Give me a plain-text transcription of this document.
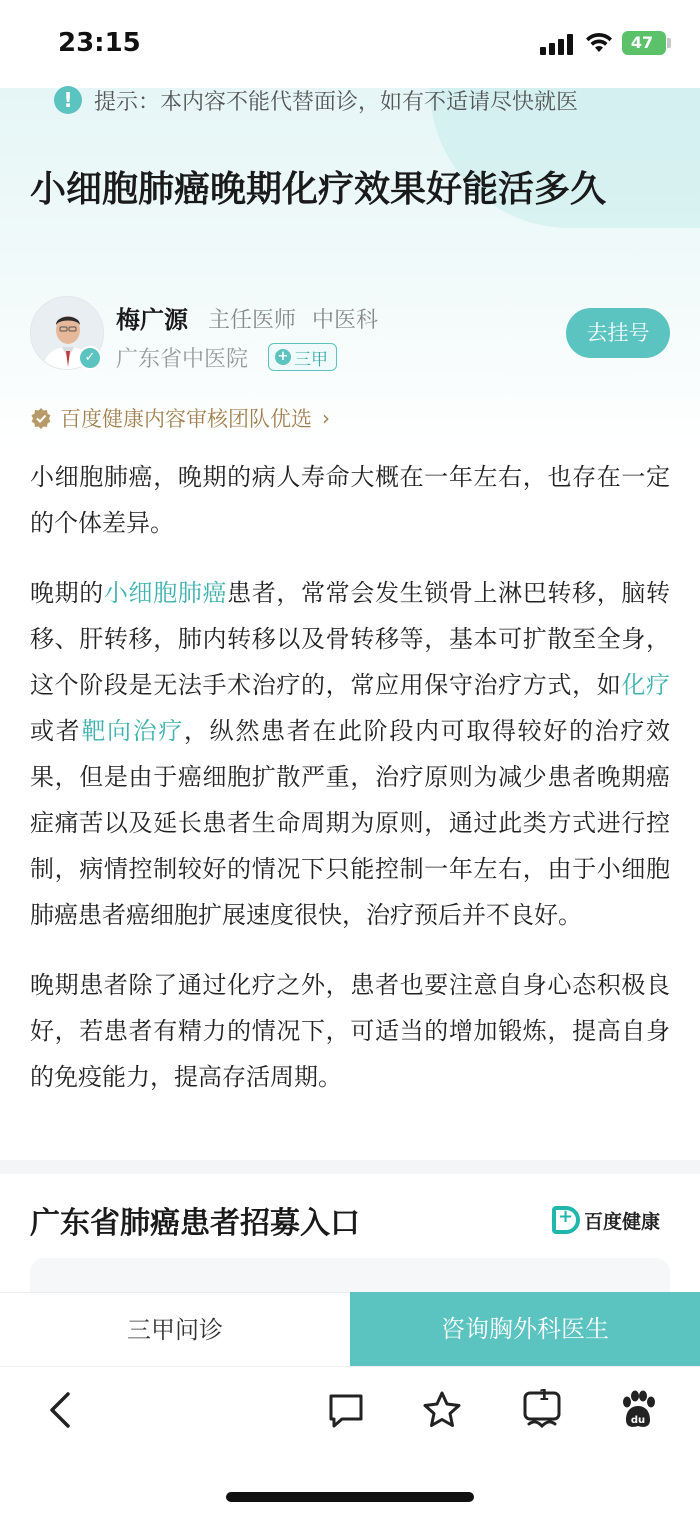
23:15	47
! 提示：本内容不能代替面诊，如有不适请尽快就医
小细胞肺癌晚期化疗效果好能活多久
✓
梅广源 主任医师 中医科
广东省中医院 + 三甲
去挂号
百度健康内容审核团队优选 ›

小细胞肺癌，晚期的病人寿命大概在一年左右，也存在一定的个体差异。

晚期的小细胞肺癌患者，常常会发生锁骨上淋巴转移，脑转移、肝转移，肺内转移以及骨转移等，基本可扩散至全身，这个阶段是无法手术治疗的，常应用保守治疗方式，如化疗或者靶向治疗，纵然患者在此阶段内可取得较好的治疗效果，但是由于癌细胞扩散严重，治疗原则为减少患者晚期癌症痛苦以及延长患者生命周期为原则，通过此类方式进行控制，病情控制较好的情况下只能控制一年左右，由于小细胞肺癌患者癌细胞扩展速度很快，治疗预后并不良好。

晚期患者除了通过化疗之外，患者也要注意自身心态积极良好，若患者有精力的情况下，可适当的增加锻炼，提高自身的免疫能力，提高存活周期。

广东省肺癌患者招募入口
+	百度健康
三甲问诊	咨询胸外科医生
1
du
